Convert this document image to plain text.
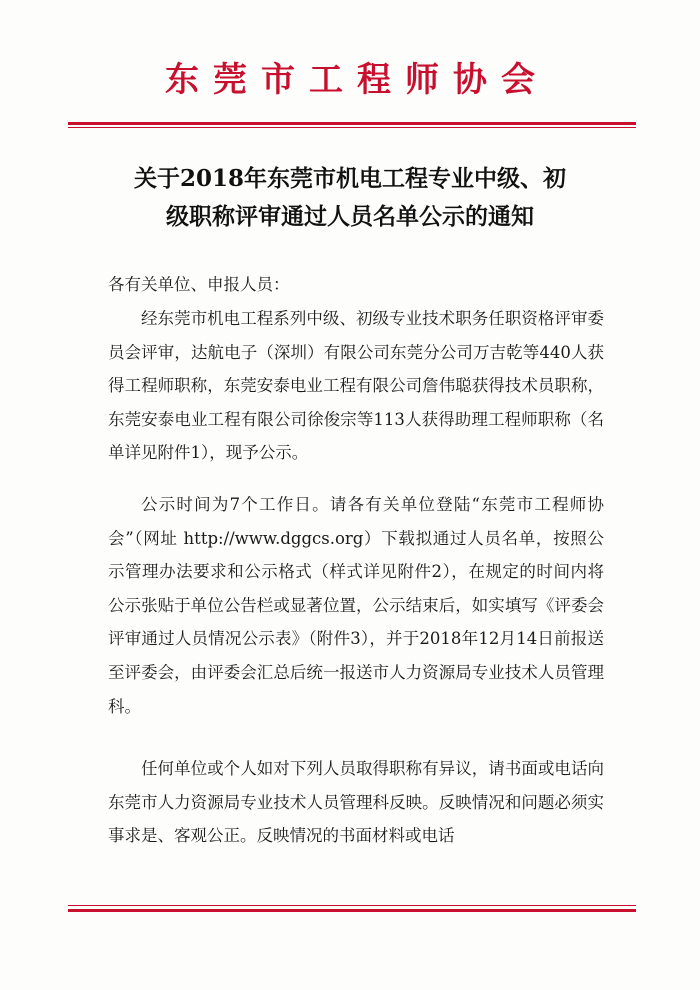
东莞市工程师协会
关于2018年东莞市机电工程专业中级、初
级职称评审通过人员名单公示的通知
各有关单位、申报人员：
经东莞市机电工程系列中级、初级专业技术职务任职资格评审委员会评审，达航电子（深圳）有限公司东莞分公司万吉乾等440人获得工程师职称，东莞安泰电业工程有限公司詹伟聪获得技术员职称，东莞安泰电业工程有限公司徐俊宗等113人获得助理工程师职称（名单详见附件1），现予公示。
公示时间为7个工作日。请各有关单位登陆“东莞市工程师协会”（网址 http://www.dggcs.org）下载拟通过人员名单，按照公示管理办法要求和公示格式（样式详见附件2），在规定的时间内将公示张贴于单位公告栏或显著位置，公示结束后，如实填写《评委会评审通过人员情况公示表》（附件3），并于2018年12月14日前报送至评委会，由评委会汇总后统一报送市人力资源局专业技术人员管理科。
任何单位或个人如对下列人员取得职称有异议，请书面或电话向东莞市人力资源局专业技术人员管理科反映。反映情况和问题必须实事求是、客观公正。反映情况的书面材料或电话
